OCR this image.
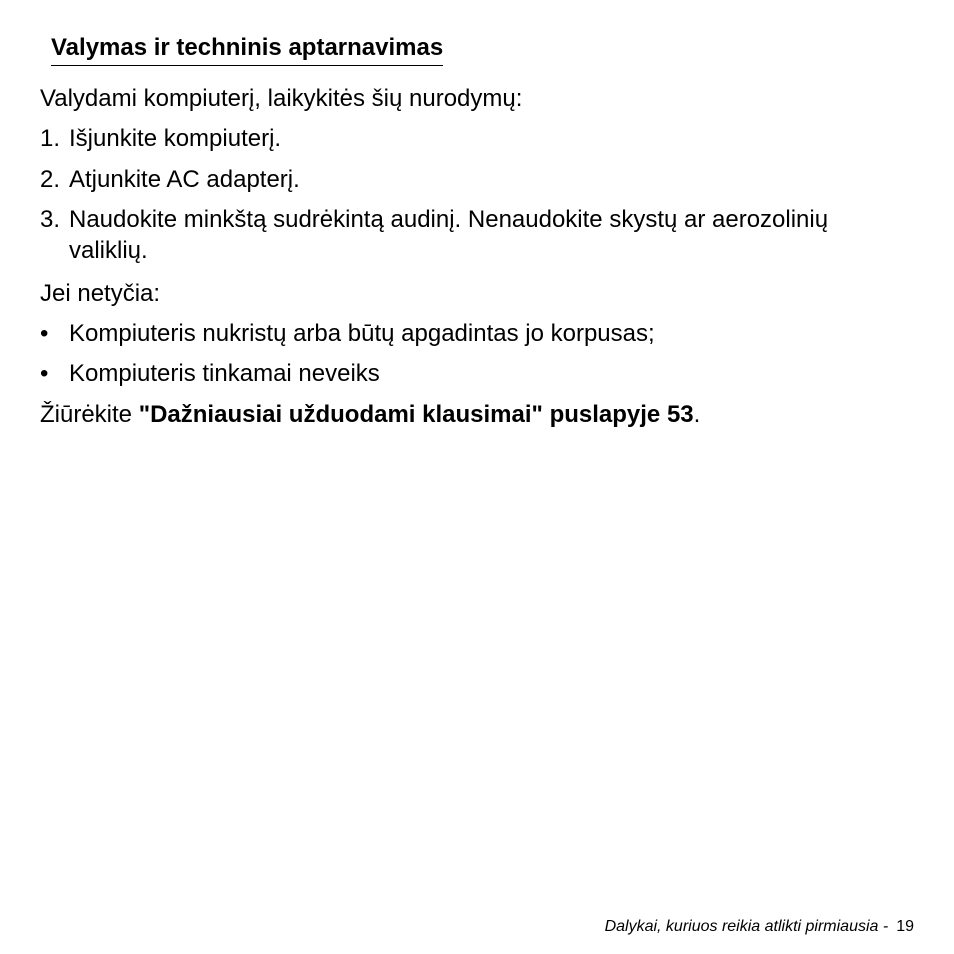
Valymas ir techninis aptarnavimas
Valydami kompiuterį, laikykitės šių nurodymų:
1. Išjunkite kompiuterį.
2. Atjunkite AC adapterį.
3. Naudokite minkštą sudrėkintą audinį. Nenaudokite skystų ar aerozolinių
valiklių.
Jei netyčia:
• Kompiuteris nukristų arba būtų apgadintas jo korpusas;
• Kompiuteris tinkamai neveiks
Žiūrėkite "Dažniausiai užduodami klausimai" puslapyje 53.
Dalykai, kuriuos reikia atlikti pirmiausia - 19
